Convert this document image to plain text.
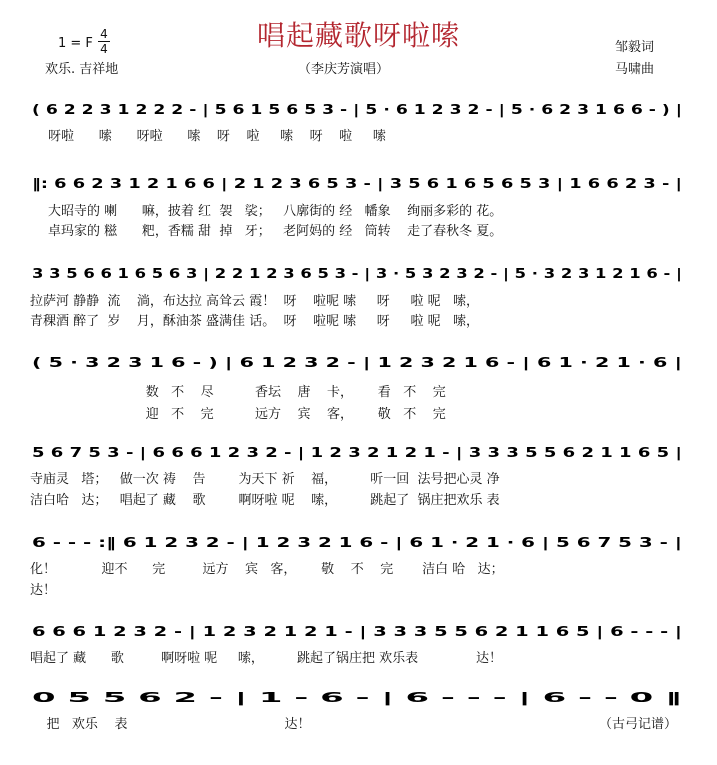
唱起藏歌呀啦嗦
1 = F
4
4
欢乐. 吉祥地	（李庆芳演唱）
邹毅词
马啸曲
( 6 2 2 3 1 2 2 2 - | 5 6 1 5 6 5 3 - | 5 · 6 1 2 3 2 - | 5 · 6 2 3 1 6 6 - ) |
呀啦      嗦      呀啦      嗦    呀    啦     嗦    呀    啦     嗦
‖: 6 6 2 3 1 2 1 6 6 | 2 1 2 3 6 5 3 - | 3 5 6 1 6 5 6 5 3 | 1 6 6 2 3 - |
大昭寺的 喇      嘛，披着 红  袈   裟；   八廓街的 经   幡象    绚丽多彩的 花。
卓玛家的 糍      粑，香糯 甜  掉   牙；   老阿妈的 经   筒转    走了春秋冬 夏。
3 3 5 6 6 1 6 5 6 3 | 2 2 1 2 3 6 5 3 - | 3 · 5 3 2 3 2 - | 5 · 3 2 3 1 2 1 6 - |
拉萨河 静静  流    淌，布达拉 高耸云 霞！  呀    啦呢 嗦     呀     啦 呢   嗦，
青稞酒 醉了  岁    月，酥油茶 盛满佳 话。  呀    啦呢 嗦     呀     啦 呢   嗦，
( 5 · 3 2 3 1 6 - ) | 6 1 2 3 2 - | 1 2 3 2 1 6 - | 6 1 · 2 1 · 6 |
数   不    尽          香坛    唐    卡，      看   不    完
迎   不    完          远方    宾    客，      敬   不    完
5 6 7 5 3 - | 6 6 6 1 2 3 2 - | 1 2 3 2 1 2 1 - | 3 3 3 5 5 6 2 1 1 6 5 |
寺庙灵   塔；   做一次 祷    告        为天下 祈    福，        听一回  法号把心灵 净
洁白哈   达；   唱起了 藏    歌        啊呀啦 呢    嗦，        跳起了  锅庄把欢乐 表
6 - - - :‖ 6 1 2 3 2 - | 1 2 3 2 1 6 - | 6 1 · 2 1 · 6 | 5 6 7 5 3 - |
化！           迎不      完         远方    宾   客，      敬    不    完       洁白 哈   达；
达！
6 6 6 1 2 3 2 - | 1 2 3 2 1 2 1 - | 3 3 3 5 5 6 2 1 1 6 5 | 6 - - - |
唱起了 藏      歌         啊呀啦 呢     嗦，        跳起了锅庄把 欢乐表              达！
0 5 5 6 2 - | 1 - 6 - | 6 - - - | 6 - - 0 ‖
把   欢乐    表                                      达！	（古弓记谱）
